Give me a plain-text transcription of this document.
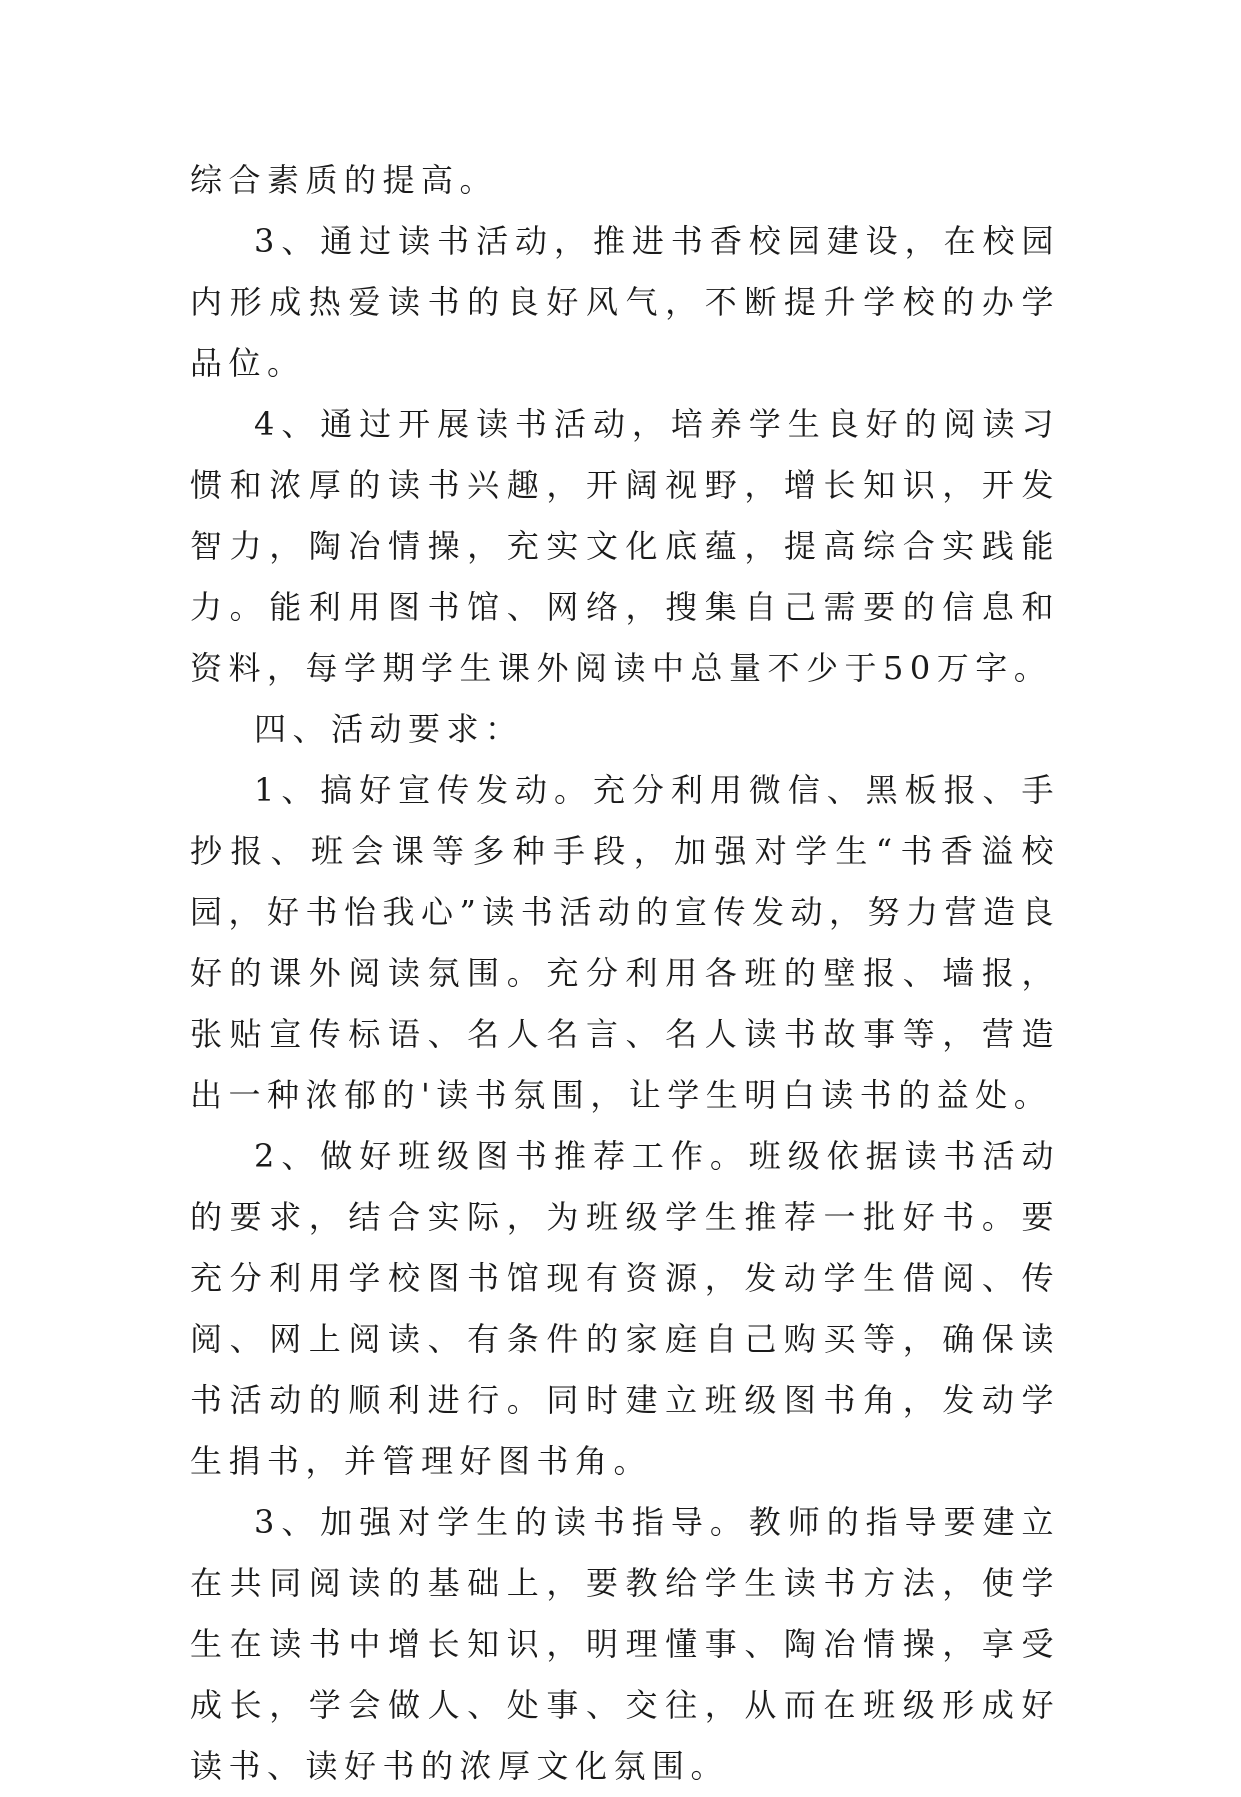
综合素质的提高。

3、通过读书活动，推进书香校园建设，在校园内形成热爱读书的良好风气，不断提升学校的办学品位。

4、通过开展读书活动，培养学生良好的阅读习惯和浓厚的读书兴趣，开阔视野，增长知识，开发智力，陶冶情操，充实文化底蕴，提高综合实践能力。能利用图书馆、网络，搜集自己需要的信息和资料，每学期学生课外阅读中总量不少于50万字。

四、活动要求：

1、搞好宣传发动。充分利用微信、黑板报、手抄报、班会课等多种手段，加强对学生“书香溢校园，好书怡我心”读书活动的宣传发动，努力营造良好的课外阅读氛围。充分利用各班的壁报、墙报，张贴宣传标语、名人名言、名人读书故事等，营造出一种浓郁的'读书氛围，让学生明白读书的益处。

2、做好班级图书推荐工作。班级依据读书活动的要求，结合实际，为班级学生推荐一批好书。要充分利用学校图书馆现有资源，发动学生借阅、传阅、网上阅读、有条件的家庭自己购买等，确保读书活动的顺利进行。同时建立班级图书角，发动学生捐书，并管理好图书角。

3、加强对学生的读书指导。教师的指导要建立在共同阅读的基础上，要教给学生读书方法，使学生在读书中增长知识，明理懂事、陶冶情操，享受成长，学会做人、处事、交往，从而在班级形成好读书、读好书的浓厚文化氛围。
